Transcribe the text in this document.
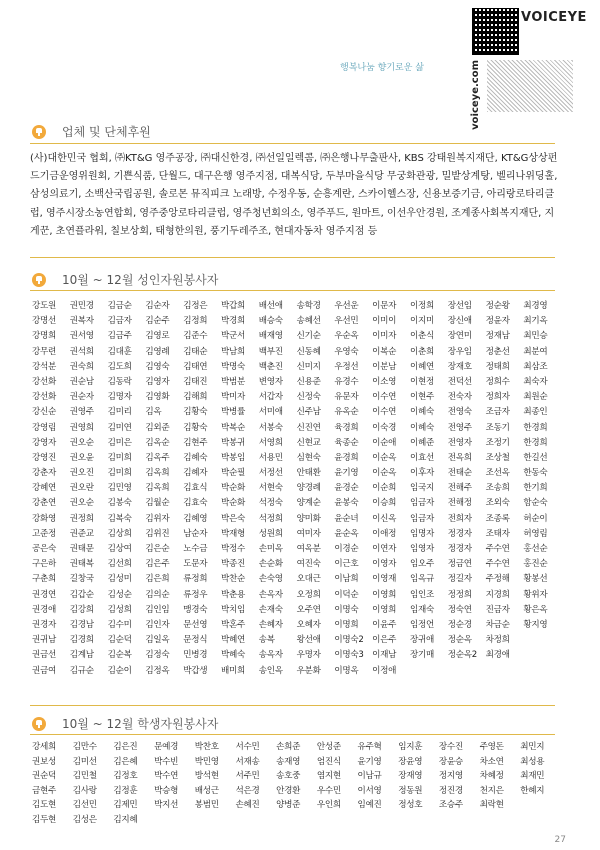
VOICEYE
voiceye.com
행복나눔 향기로운 삶
업체 및 단체후원
(사)대한민국 협회, ㈜KT&G 영주공장, ㈜대신한경, ㈜선일일렉콤, ㈜은행나무출판사, KBS 강태원복지재단, KT&G상상펀드기금운영위원회, 기쁜식품, 단월드, 대구은행 영주지점, 대복식당, 두부마을식당 무궁화관광, 밀밭상계탕, 벨리나위딩홀, 삼성의료기, 소백산국립공원, 솔로몬 뮤직피크 노래방, 수정우동, 순흥계란, 스카이헬스장, 신용보증기금, 아리랑로타리클럽, 영주시장소농연합회, 영주중앙로타리클럽, 영주청년회의소, 영주푸드, 원마트, 이선우안경원, 조계종사회복지재단, 지게꾼, 초연플라워, 칠보상회, 태형한의원, 풍기두레주조, 현대자동차 영주지점 등
10월 ~ 12월 성인자원봉사자
강도원	권민경	김금순	김순자	김정은	박갑희	배선애	송학경	우선운	이문자	이정희	장선임	정순왕	최경영
강명선	권복자	김금자	김순주	김정희	박경희	배승숙	송혜선	우선민	이미이	이지미	장신애	정윤자	최기옥
강명희	권서영	김금주	김영로	김준수	박군서	배재영	신기순	우순옥	이미자	이춘식	장연미	정재남	최민승
강무련	권석희	김대훈	김영례	김태순	박남희	백부진	신동혜	우영숙	이복순	이춘희	장우임	정춘선	최분여
강석분	권숙희	김도희	김영숙	김태연	박명숙	백춘진	신미지	우정선	이분남	이혜연	장재호	정태희	최삼조
강선화	권순남	김동락	김영자	김태진	박범분	변영자	신용준	유경수	이소영	이현정	전덕선	정희수	최숙자
강선화	권순자	김명자	김영화	김해희	박미자	서갑자	신정숙	유문자	이수연	이현주	전숙자	정희자	최원순
강신순	권영주	김미리	김옥	김황숙	박병률	서미애	신주남	유옥순	이수연	이혜숙	전영숙	조금자	최종인
강영림	권영희	김미연	김외준	김황숙	박복순	서봉숙	신진연	육경희	이숙경	이혜숙	전영주	조동기	한경희
강영자	권오순	김미은	김옥순	김현주	박봉귀	서영희	신현교	육종순	이순애	이혜준	전영자	조정기	한경희
강영진	권오윤	김미희	김옥주	김혜숙	박봉임	서용민	심현숙	윤경희	이순옥	이효선	전옥희	조상철	한길선
강춘자	권오진	김미희	김옥희	김혜자	박순필	서정선	안태환	윤기영	이순옥	이후자	전태순	조선옥	한동숙
강혜연	권오란	김민영	김옥희	김효식	박순화	서현숙	양경례	윤경순	이순희	임국지	전해주	조송희	한기희
강춘연	권오순	김봉숙	김월순	김효숙	박순화	석정숙	양계순	윤봉숙	이승희	임금자	전해정	조외숙	함순숙
강화영	권정희	김복숙	김위자	김혜영	박은숙	석정희	양미화	윤순녀	이신옥	임금자	전희자	조종록	허순이
고준정	권준교	김상희	김위진	남순자	박재형	성원희	여미자	윤순옥	이애정	임명자	정경자	조태자	허영림
공은숙	권태문	김상여	김은순	노수금	박정수	손미옥	여옥분	이경순	이연자	임영자	정경자	주수연	홍선순
구은하	권태복	김선희	김은주	도문자	박종진	손순화	여진숙	이근호	이영자	임오주	정금연	주수연	홍진순
구춘희	길창국	김성미	김은희	류정희	박찬순	손숙영	오대근	이남희	이영재	임옥규	정길자	주정해	황봉선
권경연	김갑순	김성순	김의순	류정우	박춘용	손옥자	오정희	이덕순	이영희	임인조	정정희	지경희	황위자
권경애	김강희	김성희	김인임	맹경숙	박치임	손재숙	오주연	이명숙	이영희	임재숙	정숙연	진금자	황은옥
권경자	김경남	김수미	김인자	문선영	박혼주	손혜자	오혜자	이명희	이윤주	임정언	정순경	차금순	황지영
권귀남	김경희	김순덕	김일옥	문정식	박혜연	송복	왕선애	이명숙2	이은주	장귀애	정순옥	차정희
권금선	김계남	김순복	김정숙	민병경	박혜숙	송옥자	우명자	이명숙3	이재남	장기매	정순옥2	최경애
권금여	김규순	김순이	김정옥	박갑생	배미희	송인옥	우분화	이명옥	이정애
10월 ~ 12월 학생자원봉사자
강세희	김만수	김은진	문예경	박찬호	서수민	손희준	안성준	유주혁	임지훈	장수진	주영돈	최민지
권보성	김미선	김은혜	박수빈	박민영	서재송	송재영	엄진식	윤기영	장윤영	장윤승	차소연	최성용
권순덕	김민철	김정호	박수연	방석현	서주민	송호중	염지현	이남규	장재영	정지영	차혜정	최재민
금현주	김사랑	김정훈	박승형	배성근	석은경	안경환	우수민	이서영	정동원	정진경	천지은	한혜지
김도현	김선민	김제민	박지선	봉범민	손혜진	양병준	우인희	임예진	정성호	조승주	최락현
김두현	김성은	김지혜
27
